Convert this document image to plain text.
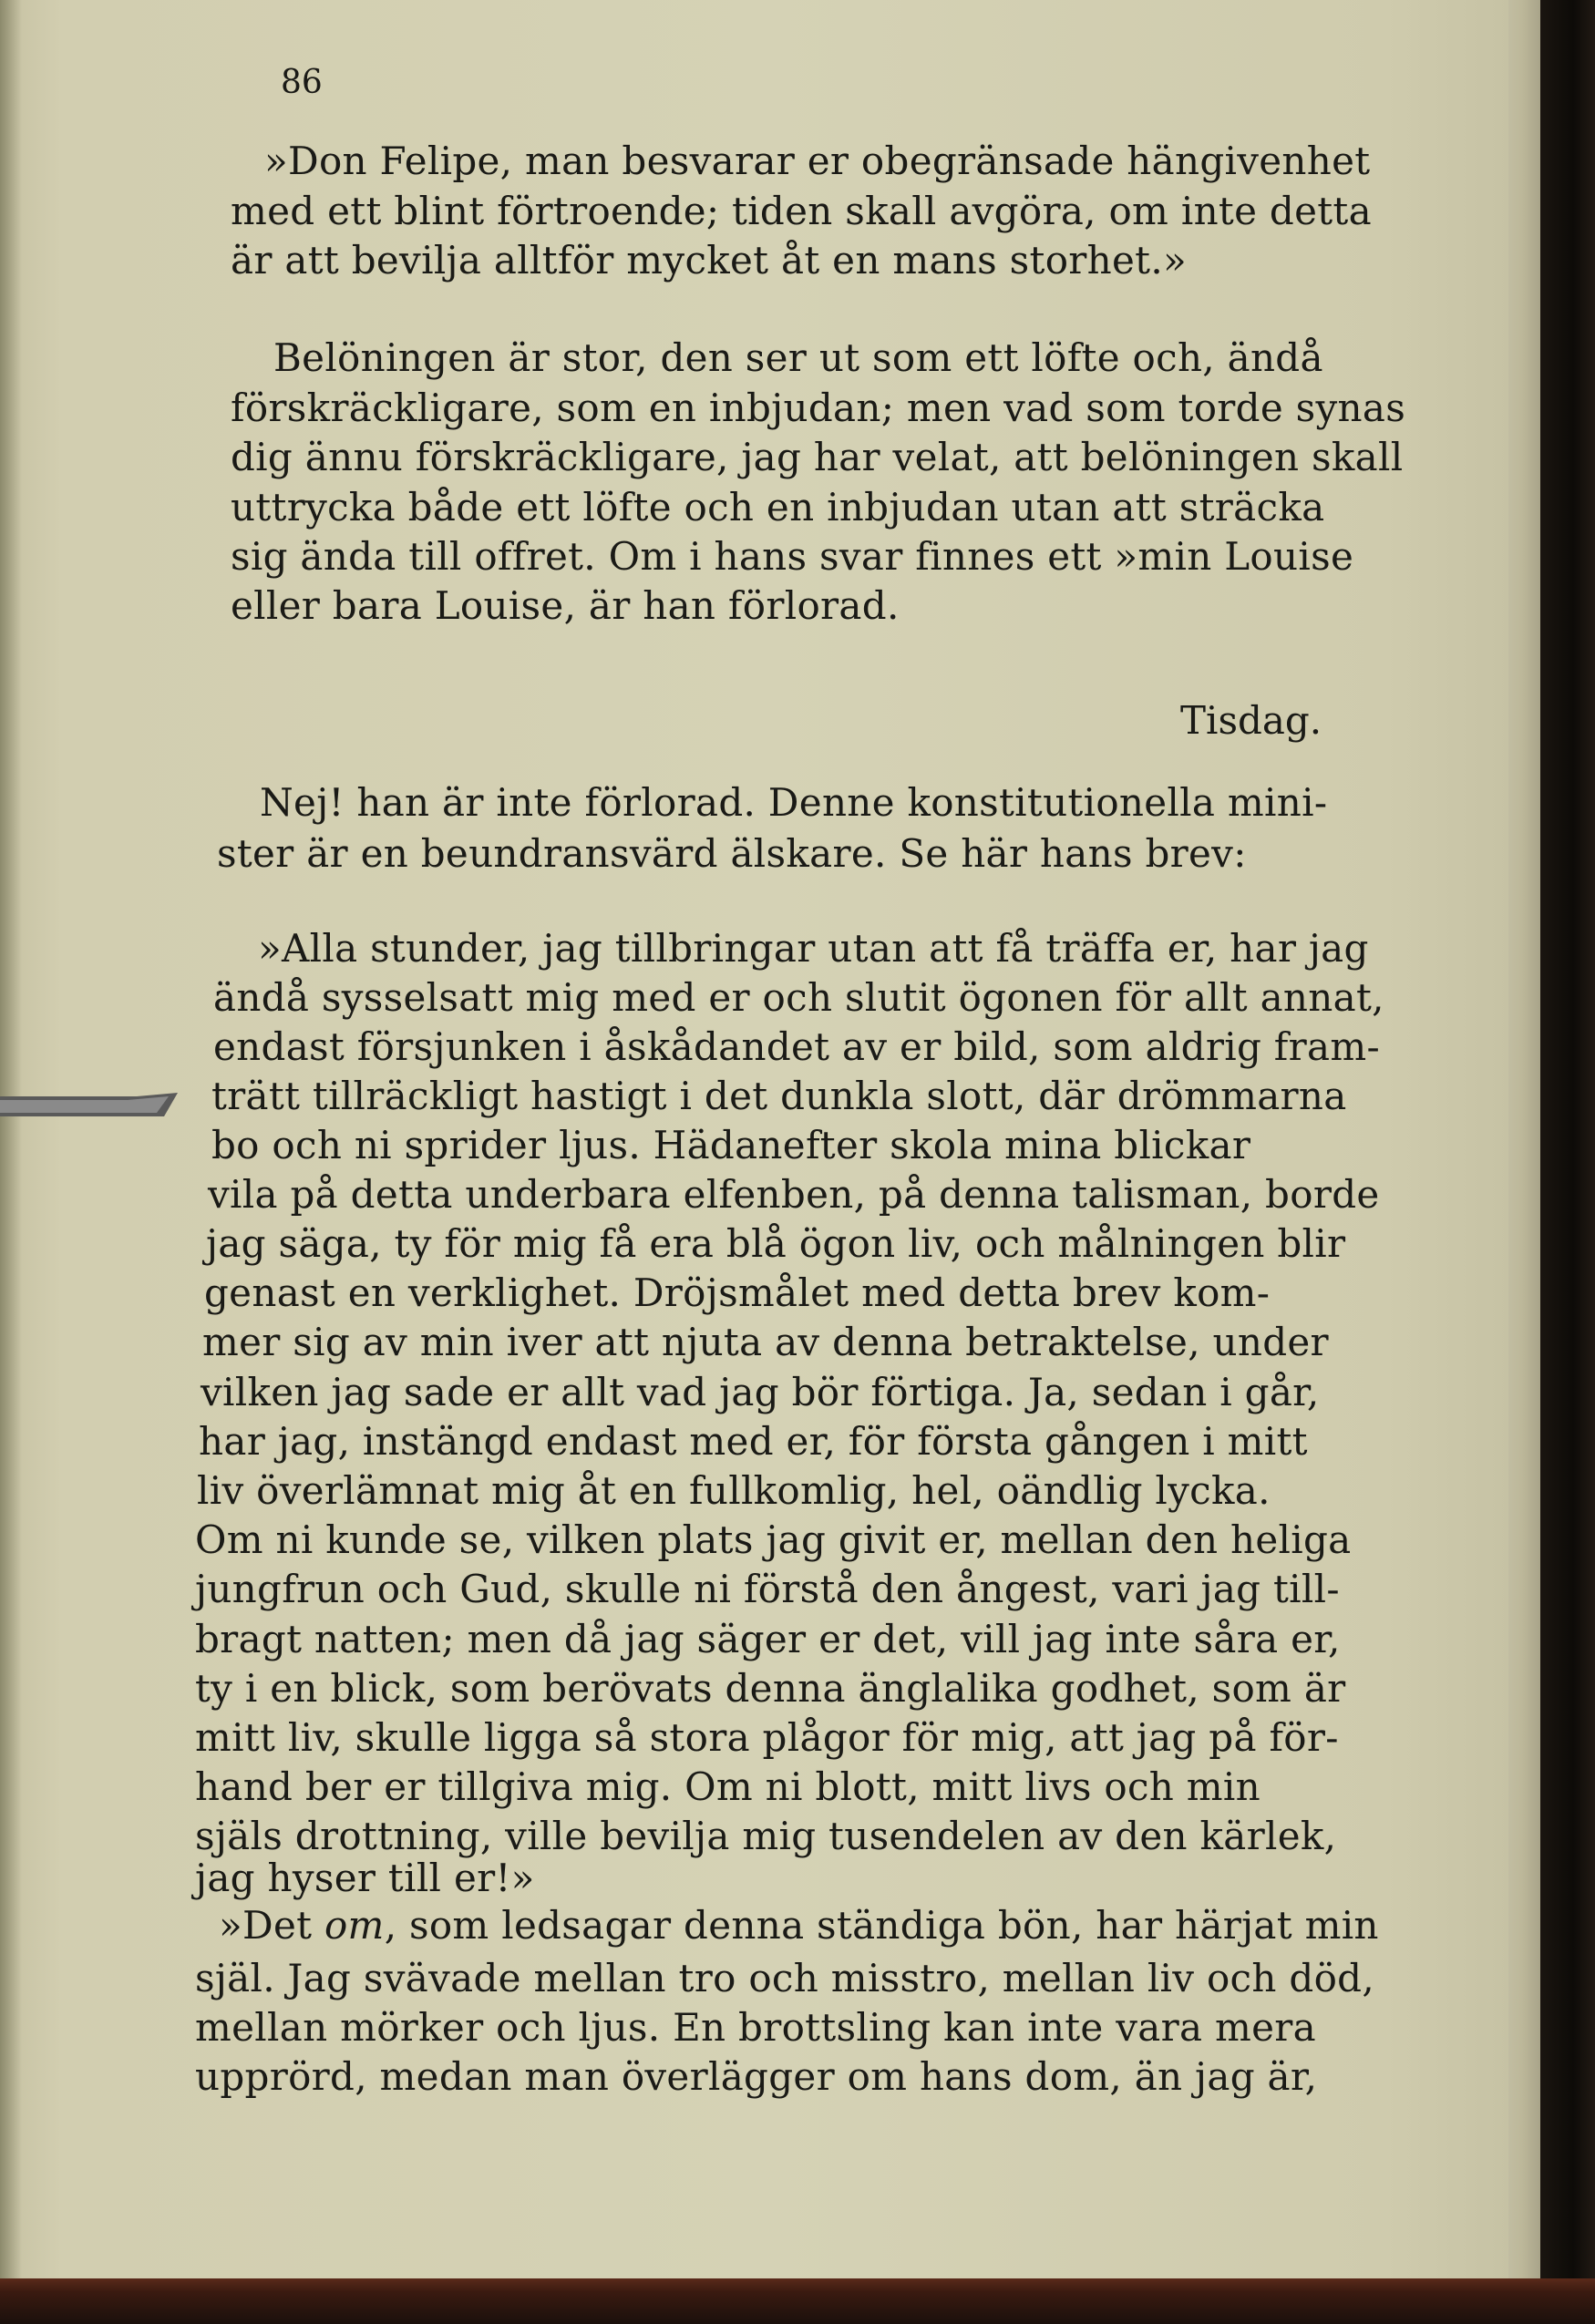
86
»Don Felipe, man besvarar er obegränsade hängivenhet
med ett blint förtroende; tiden skall avgöra, om inte detta
är att bevilja alltför mycket åt en mans storhet.»
Belöningen är stor, den ser ut som ett löfte och, ändå
förskräckligare, som en inbjudan; men vad som torde synas
dig ännu förskräckligare, jag har velat, att belöningen skall
uttrycka både ett löfte och en inbjudan utan att sträcka
sig ända till offret. Om i hans svar finnes ett »min Louise
eller bara Louise, är han förlorad.
Tisdag.
Nej! han är inte förlorad. Denne konstitutionella mini-
ster är en beundransvärd älskare. Se här hans brev:
»Alla stunder, jag tillbringar utan att få träffa er, har jag
ändå sysselsatt mig med er och slutit ögonen för allt annat,
endast försjunken i åskådandet av er bild, som aldrig fram-
trätt tillräckligt hastigt i det dunkla slott, där drömmarna
bo och ni sprider ljus. Hädanefter skola mina blickar
vila på detta underbara elfenben, på denna talisman, borde
jag säga, ty för mig få era blå ögon liv, och målningen blir
genast en verklighet. Dröjsmålet med detta brev kom-
mer sig av min iver att njuta av denna betraktelse, under
vilken jag sade er allt vad jag bör förtiga. Ja, sedan i går,
har jag, instängd endast med er, för första gången i mitt
liv överlämnat mig åt en fullkomlig, hel, oändlig lycka.
Om ni kunde se, vilken plats jag givit er, mellan den heliga
jungfrun och Gud, skulle ni förstå den ångest, vari jag till-
bragt natten; men då jag säger er det, vill jag inte såra er,
ty i en blick, som berövats denna änglalika godhet, som är
mitt liv, skulle ligga så stora plågor för mig, att jag på för-
hand ber er tillgiva mig. Om ni blott, mitt livs och min
själs drottning, ville bevilja mig tusendelen av den kärlek,
jag hyser till er!»
»Det om, som ledsagar denna ständiga bön, har härjat min
själ. Jag svävade mellan tro och misstro, mellan liv och död,
mellan mörker och ljus. En brottsling kan inte vara mera
upprörd, medan man överlägger om hans dom, än jag är,
